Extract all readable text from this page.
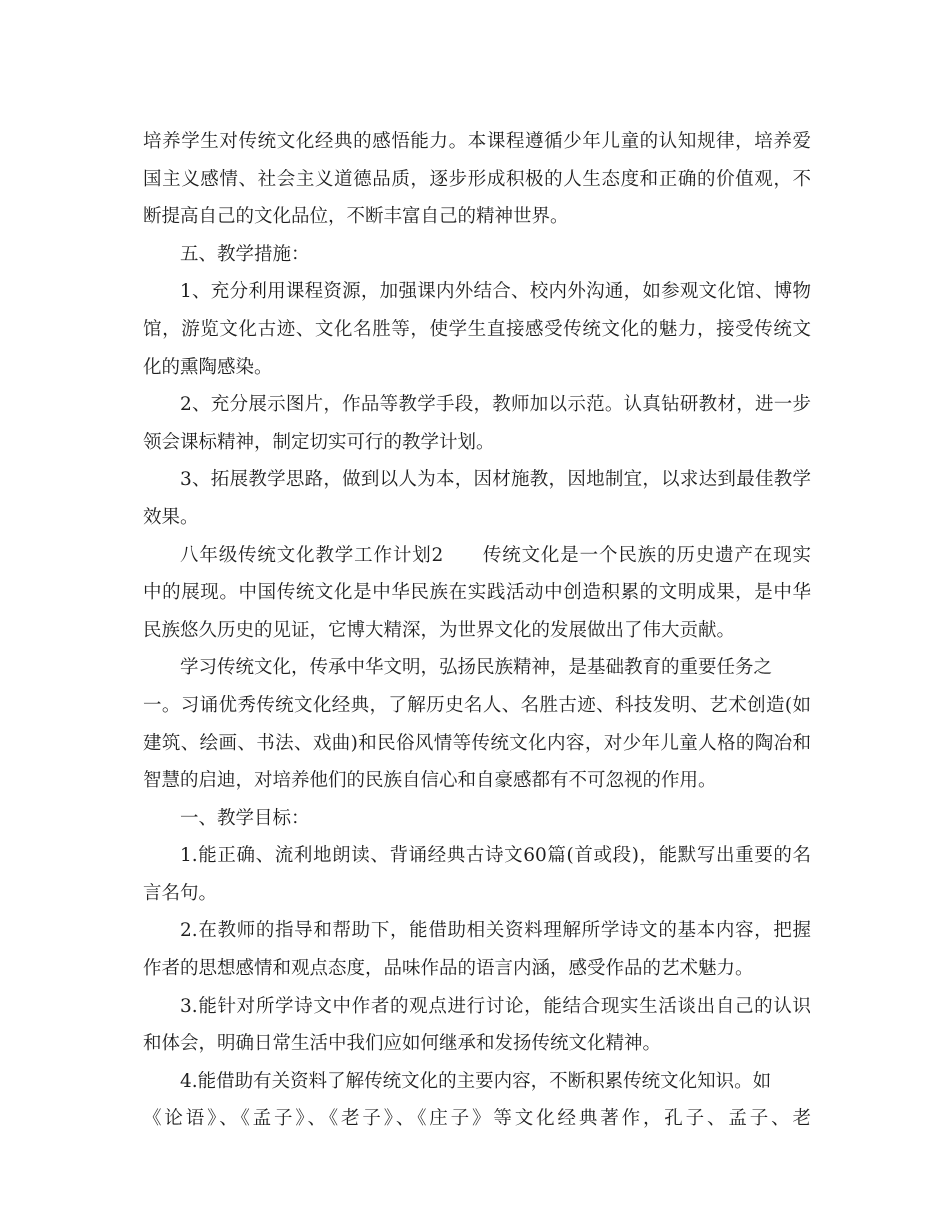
培养学生对传统文化经典的感悟能力。本课程遵循少年儿童的认知规律，培养爱
国主义感情、社会主义道德品质，逐步形成积极的人生态度和正确的价值观，不
断提高自己的文化品位，不断丰富自己的精神世界。
五、教学措施：
1、充分利用课程资源，加强课内外结合、校内外沟通，如参观文化馆、博物
馆，游览文化古迹、文化名胜等，使学生直接感受传统文化的魅力，接受传统文
化的熏陶感染。
2、充分展示图片，作品等教学手段，教师加以示范。认真钻研教材，进一步
领会课标精神，制定切实可行的教学计划。
3、拓展教学思路，做到以人为本，因材施教，因地制宜，以求达到最佳教学
效果。
八年级传统文化教学工作计划2　　传统文化是一个民族的历史遗产在现实
中的展现。中国传统文化是中华民族在实践活动中创造积累的文明成果，是中华
民族悠久历史的见证，它博大精深，为世界文化的发展做出了伟大贡献。
学习传统文化，传承中华文明，弘扬民族精神，是基础教育的重要任务之
一。习诵优秀传统文化经典，了解历史名人、名胜古迹、科技发明、艺术创造(如
建筑、绘画、书法、戏曲)和民俗风情等传统文化内容，对少年儿童人格的陶冶和
智慧的启迪，对培养他们的民族自信心和自豪感都有不可忽视的作用。
一、教学目标：
1.能正确、流利地朗读、背诵经典古诗文60篇(首或段)，能默写出重要的名
言名句。
2.在教师的指导和帮助下，能借助相关资料理解所学诗文的基本内容，把握
作者的思想感情和观点态度，品味作品的语言内涵，感受作品的艺术魅力。
3.能针对所学诗文中作者的观点进行讨论，能结合现实生活谈出自己的认识
和体会，明确日常生活中我们应如何继承和发扬传统文化精神。
4.能借助有关资料了解传统文化的主要内容，不断积累传统文化知识。如
《论语》、《孟子》、《老子》、《庄子》等文化经典著作，孔子、孟子、老
